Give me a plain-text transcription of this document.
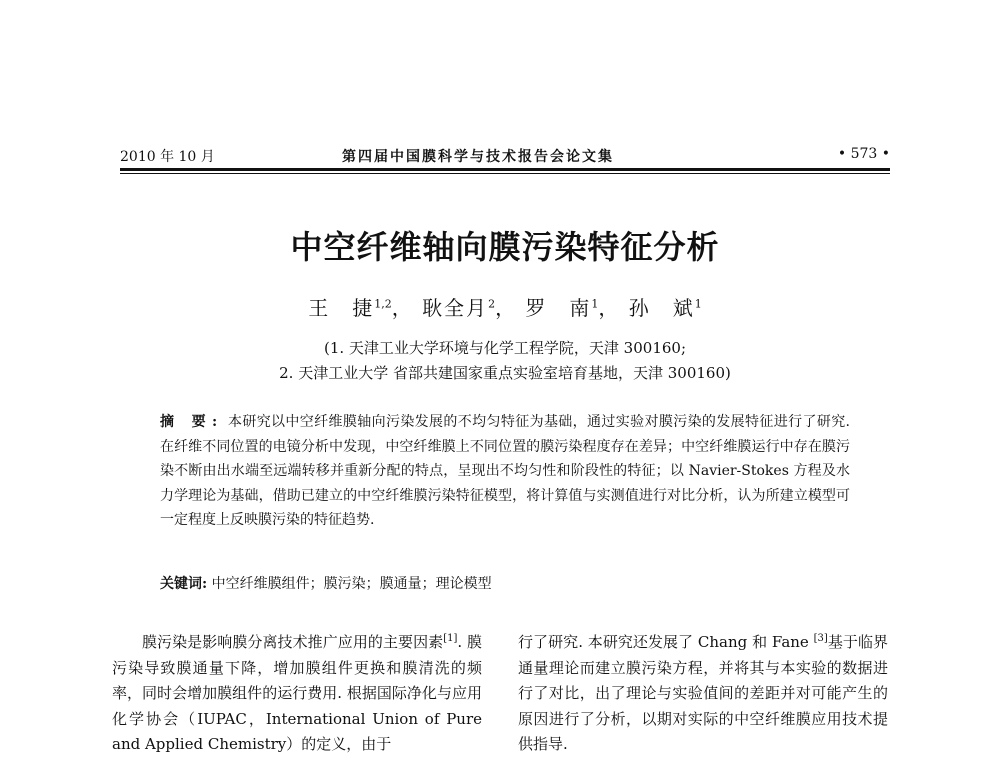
2010 年 10 月	第四届中国膜科学与技术报告会论文集	• 573 •
中空纤维轴向膜污染特征分析
王　捷$^{1,2}$， 耿全月$^2$， 罗　南$^1$， 孙　斌$^1$
(1. 天津工业大学环境与化学工程学院，天津 300160;
2. 天津工业大学 省部共建国家重点实验室培育基地，天津 300160)
摘 要: 本研究以中空纤维膜轴向污染发展的不均匀特征为基础，通过实验对膜污染的发展特征进行了研究. 在纤维不同位置的电镜分析中发现，中空纤维膜上不同位置的膜污染程度存在差异；中空纤维膜运行中存在膜污染不断由出水端至远端转移并重新分配的特点，呈现出不均匀性和阶段性的特征；以 Navier-Stokes 方程及水力学理论为基础，借助已建立的中空纤维膜污染特征模型，将计算值与实测值进行对比分析，认为所建立模型可一定程度上反映膜污染的特征趋势.
关键词: 中空纤维膜组件；膜污染；膜通量；理论模型
膜污染是影响膜分离技术推广应用的主要因素[1]. 膜污染导致膜通量下降，增加膜组件更换和膜清洗的频率，同时会增加膜组件的运行费用. 根据国际净化与应用化学协会（IUPAC，International Union of Pure and Applied Chemistry）的定义，由于
行了研究. 本研究还发展了 Chang 和 Fane [3]基于临界通量理论而建立膜污染方程，并将其与本实验的数据进行了对比，出了理论与实验值间的差距并对可能产生的原因进行了分析，以期对实际的中空纤维膜应用技术提供指导.
